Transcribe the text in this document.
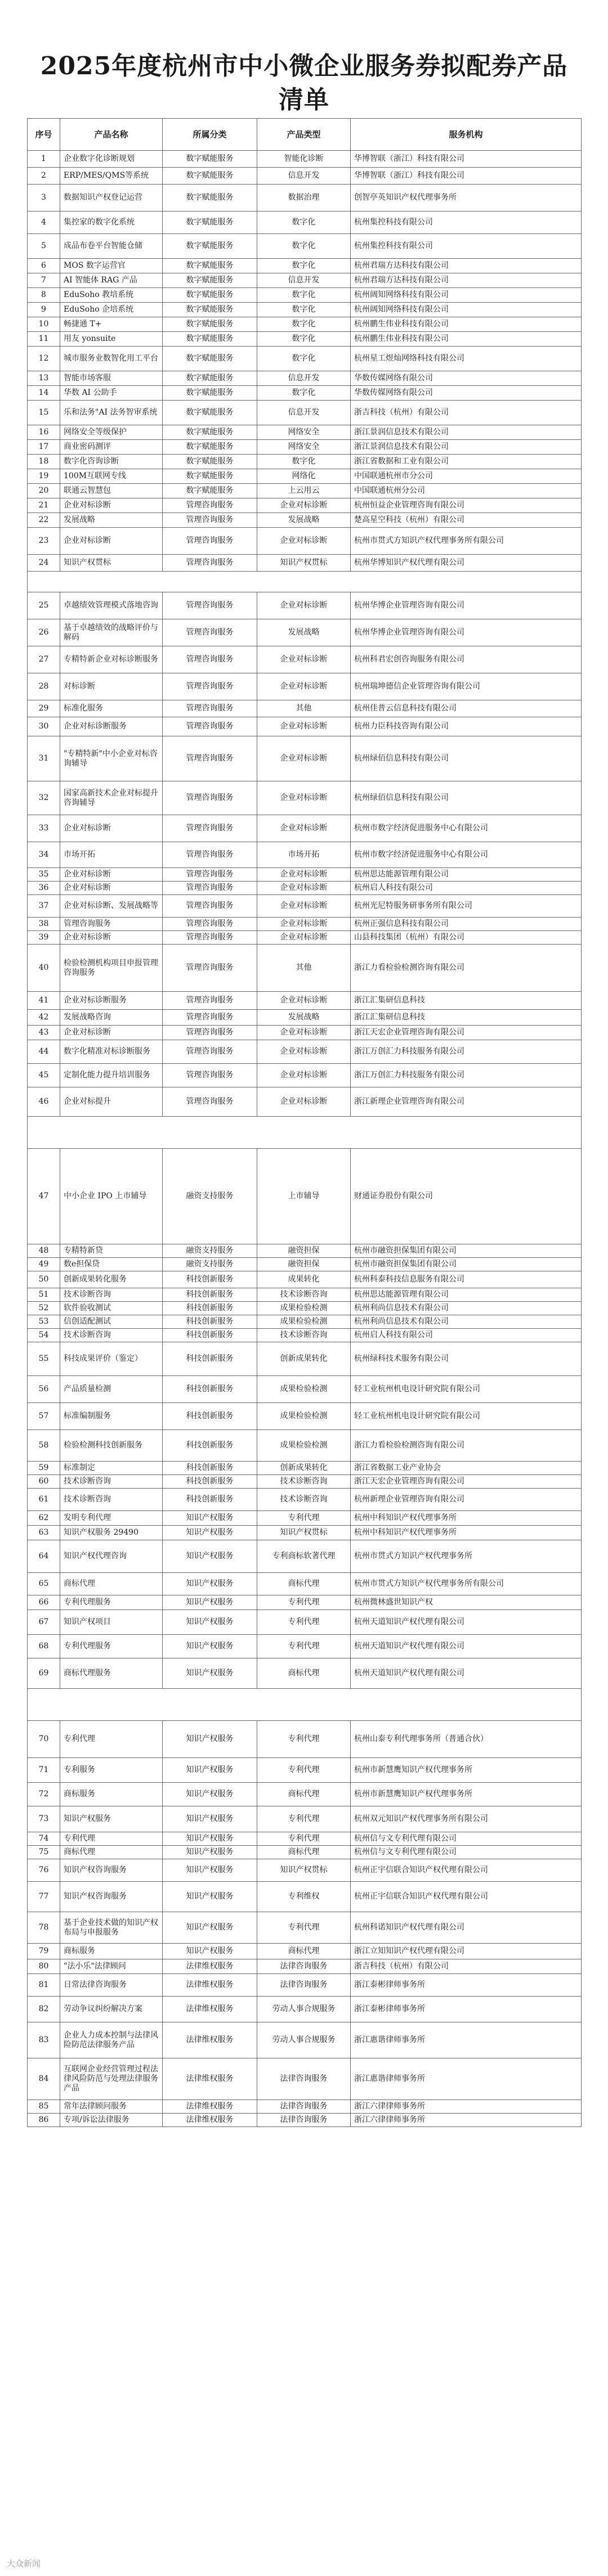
2025年度杭州市中小微企业服务券拟配券产品清单
序号	产品名称	所属分类	产品类型	服务机构
1	企业数字化诊断规划	数字赋能服务	智能化诊断	华博智联（浙江）科技有限公司
2	ERP/MES/QMS等系统	数字赋能服务	信息开发	华博智联（浙江）科技有限公司
3	数据知识产权登记运营	数字赋能服务	数据治理	创智亭英知识产权代理事务所
4	集控家的数字化系统	数字赋能服务	数字化	杭州集控科技有限公司
5	成品布卷平台智能仓储	数字赋能服务	数字化	杭州集控科技有限公司
6	MOS 数字运营官	数字赋能服务	数字化	杭州君瑞方达科技有限公司
7	AI 智能体 RAG 产品	数字赋能服务	信息开发	杭州君瑞方达科技有限公司
8	EduSoho 教培系统	数字赋能服务	数字化	杭州阔知网络科技有限公司
9	EduSoho 企培系统	数字赋能服务	数字化	杭州阔知网络科技有限公司
10	畅捷通 T+	数字赋能服务	数字化	杭州鹏生伟业科技有限公司
11	用友 yonsuite	数字赋能服务	数字化	杭州鹏生伟业科技有限公司
12	城市服务业数智化用工平台	数字赋能服务	数字化	杭州星工煜灿网络科技有限公司
13	智能市场客服	数字赋能服务	信息开发	华数传媒网络有限公司
14	华数 AI 公助手	数字赋能服务	数字化	华数传媒网络有限公司
15	乐和法务"AI 法务智审系统	数字赋能服务	信息开发	浙吉科技（杭州）有限公司
16	网络安全等级保护	数字赋能服务	网络安全	浙江景润信息技术有限公司
17	商业密码测评	数字赋能服务	网络安全	浙江景润信息技术有限公司
18	数字化咨询诊断	数字赋能服务	数字化	浙江省数据和工业有限公司
19	100M互联网专线	数字赋能服务	网络化	中国联通杭州市分公司
20	联通云智慧包	数字赋能服务	上云用云	中国联通杭州分公司
21	企业对标诊断	管理咨询服务	企业对标诊断	杭州恒益企业管理咨询有限公司
22	发展战略	管理咨询服务	发展战略	楚高星空科技（杭州）有限公司
23	企业对标诊断	管理咨询服务	企业对标诊断	杭州市贯式方知识产权代理事务所有限公司
24	知识产权贯标	管理咨询服务	知识产权贯标	杭州华博知识产权代理有限公司

25	卓越绩效管理模式落地咨询	管理咨询服务	企业对标诊断	杭州华博企业管理咨询有限公司
26	基于卓越绩效的战略评价与解码	管理咨询服务	发展战略	杭州华博企业管理咨询有限公司
27	专精特新企业对标诊断服务	管理咨询服务	企业对标诊断	杭州科君宏创咨询服务有限公司
28	对标诊断	管理咨询服务	企业对标诊断	杭州瑞坤德信企业管理咨询有限公司
29	标准化服务	管理咨询服务	其他	杭州佳普云信息科技有限公司
30	企业对标诊断服务	管理咨询服务	企业对标诊断	杭州力臣科技咨询有限公司
31	"专精特新"中小企业对标咨询辅导	管理咨询服务	企业对标诊断	杭州绿佰信息科技有限公司
32	国家高新技术企业对标提升咨询辅导	管理咨询服务	企业对标诊断	杭州绿佰信息科技有限公司
33	企业对标诊断	管理咨询服务	企业对标诊断	杭州市数字经济促进服务中心有限公司
34	市场开拓	管理咨询服务	市场开拓	杭州市数字经济促进服务中心有限公司
35	企业对标诊断	管理咨询服务	企业对标诊断	杭州思达能源管理有限公司
36	企业对标诊断	管理咨询服务	企业对标诊断	杭州启人科技有限公司
37	企业对标诊断、发展战略等	管理咨询服务	企业对标诊断	杭州光尼特服务研事务所有限公司
38	管理咨询服务	管理咨询服务	企业对标诊断	杭州正强信息科技有限公司
39	企业对标诊断	管理咨询服务	企业对标诊断	山县科技集团（杭州）有限公司
40	检验检测机构项目申报管理咨询服务	管理咨询服务	其他	浙江力看检验检测咨询有限公司
41	企业对标诊断服务	管理咨询服务	企业对标诊断	浙江汇集研信息科技
42	发展战略咨询	管理咨询服务	发展战略	浙江汇集研信息科技
43	企业对标诊断	管理咨询服务	企业对标诊断	浙江天宏企业管理咨询有限公司
44	数字化精准对标诊断服务	管理咨询服务	企业对标诊断	浙江万创汇力科技服务有限公司
45	定制化能力提升培训服务	管理咨询服务	企业对标诊断	浙江万创汇力科技服务有限公司
46	企业对标提升	管理咨询服务	企业对标诊断	浙江新理企业管理咨询有限公司

47	中小企业 IPO 上市辅导	融资支持服务	上市辅导	财通证券股份有限公司
48	专精特新贷	融资支持服务	融资担保	杭州市融资担保集团有限公司
49	数e担保贷	融资支持服务	融资担保	杭州市融资担保集团有限公司
50	创新成果转化服务	科技创新服务	成果转化	杭州科泰科技信息服务有限公司
51	技术诊断咨询	科技创新服务	技术诊断咨询	杭州思达能源管理有限公司
52	软件验收测试	科技创新服务	成果检验检测	杭州利尚信息技术有限公司
53	信创适配测试	科技创新服务	成果检验检测	杭州利尚信息技术有限公司
54	技术诊断咨询	科技创新服务	技术诊断咨询	杭州启人科技有限公司
55	科技成果评价（鉴定）	科技创新服务	创新成果转化	杭州绿科技术服务有限公司
56	产品质量检测	科技创新服务	成果检验检测	轻工业杭州机电设计研究院有限公司
57	标准编制服务	科技创新服务	成果检验检测	轻工业杭州机电设计研究院有限公司
58	检验检测科技创新服务	科技创新服务	成果检验检测	浙江力看检验检测咨询有限公司
59	标准制定	科技创新服务	创新成果转化	浙江省数据工业产业协会
60	技术诊断咨询	科技创新服务	技术诊断咨询	浙江天宏企业管理咨询有限公司
61	技术诊断咨询	科技创新服务	技术诊断咨询	杭州新理企业管理咨询有限公司
62	发明专利代理	知识产权服务	专利代理	杭州中科知识产权代理事务所
63	知识产权服务 29490	知识产权服务	知识产权贯标	杭州中科知识产权代理事务所
64	知识产权代理咨询	知识产权服务	专利商标软著代理	杭州市贯式方知识产权代理事务所
65	商标代理	知识产权服务	商标代理	杭州市贯式方知识产权代理事务所有限公司
66	专利代理服务	知识产权服务	专利代理	杭州微林盛世知识产权
67	知识产权项目	知识产权服务	专利代理	杭州天道知识产权代理有限公司
68	专利代理服务	知识产权服务	专利代理	杭州天道知识产权代理有限公司
69	商标代理服务	知识产权服务	商标代理	杭州天道知识产权代理有限公司

70	专利代理	知识产权服务	专利代理	杭州山泰专利代理事务所（普通合伙）
71	专利服务	知识产权服务	专利代理	杭州市新慧鹰知识产权代理事务所
72	商标服务	知识产权服务	商标代理	杭州市新慧鹰知识产权代理事务所
73	知识产权服务	知识产权服务	专利代理	杭州双元知识产权代理事务所有限公司
74	专利代理	知识产权服务	专利代理	杭州信与文专利代理有限公司
75	商标代理	知识产权服务	商标代理	杭州信与文专利代理有限公司
76	知识产权咨询服务	知识产权服务	知识产权贯标	杭州正宇信联合知识产权代理有限公司
77	知识产权咨询服务	知识产权服务	专利维权	杭州正宇信联合知识产权代理有限公司
78	基于企业技术做的知识产权布局与申报服务	知识产权服务	专利代理	杭州科诺知识产权代理有限公司
79	商标服务	知识产权服务	商标代理	浙江立知知识产权代理有限公司
80	"法小乐"法律顾问	法律维权服务	法律咨询服务	浙吉科技（杭州）有限公司
81	日常法律咨询服务	法律维权服务	法律咨询服务	浙江泰彬律师事务所
82	劳动争议纠纷解决方案	法律维权服务	劳动人事合规服务	浙江泰彬律师事务所
83	企业人力成本控制与法律风险防范法律服务产品	法律维权服务	劳动人事合规服务	浙江惠谐律师事务所
84	互联网企业经营管理过程法律风险防范与处理法律服务产品	法律维权服务	法律咨询服务	浙江惠谐律师事务所
85	常年法律顾问服务	法律维权服务	法律咨询服务	浙江六律律师事务所
86	专项/诉讼法律服务	法律维权服务	法律咨询服务	浙江六律律师事务所
大众新闻
